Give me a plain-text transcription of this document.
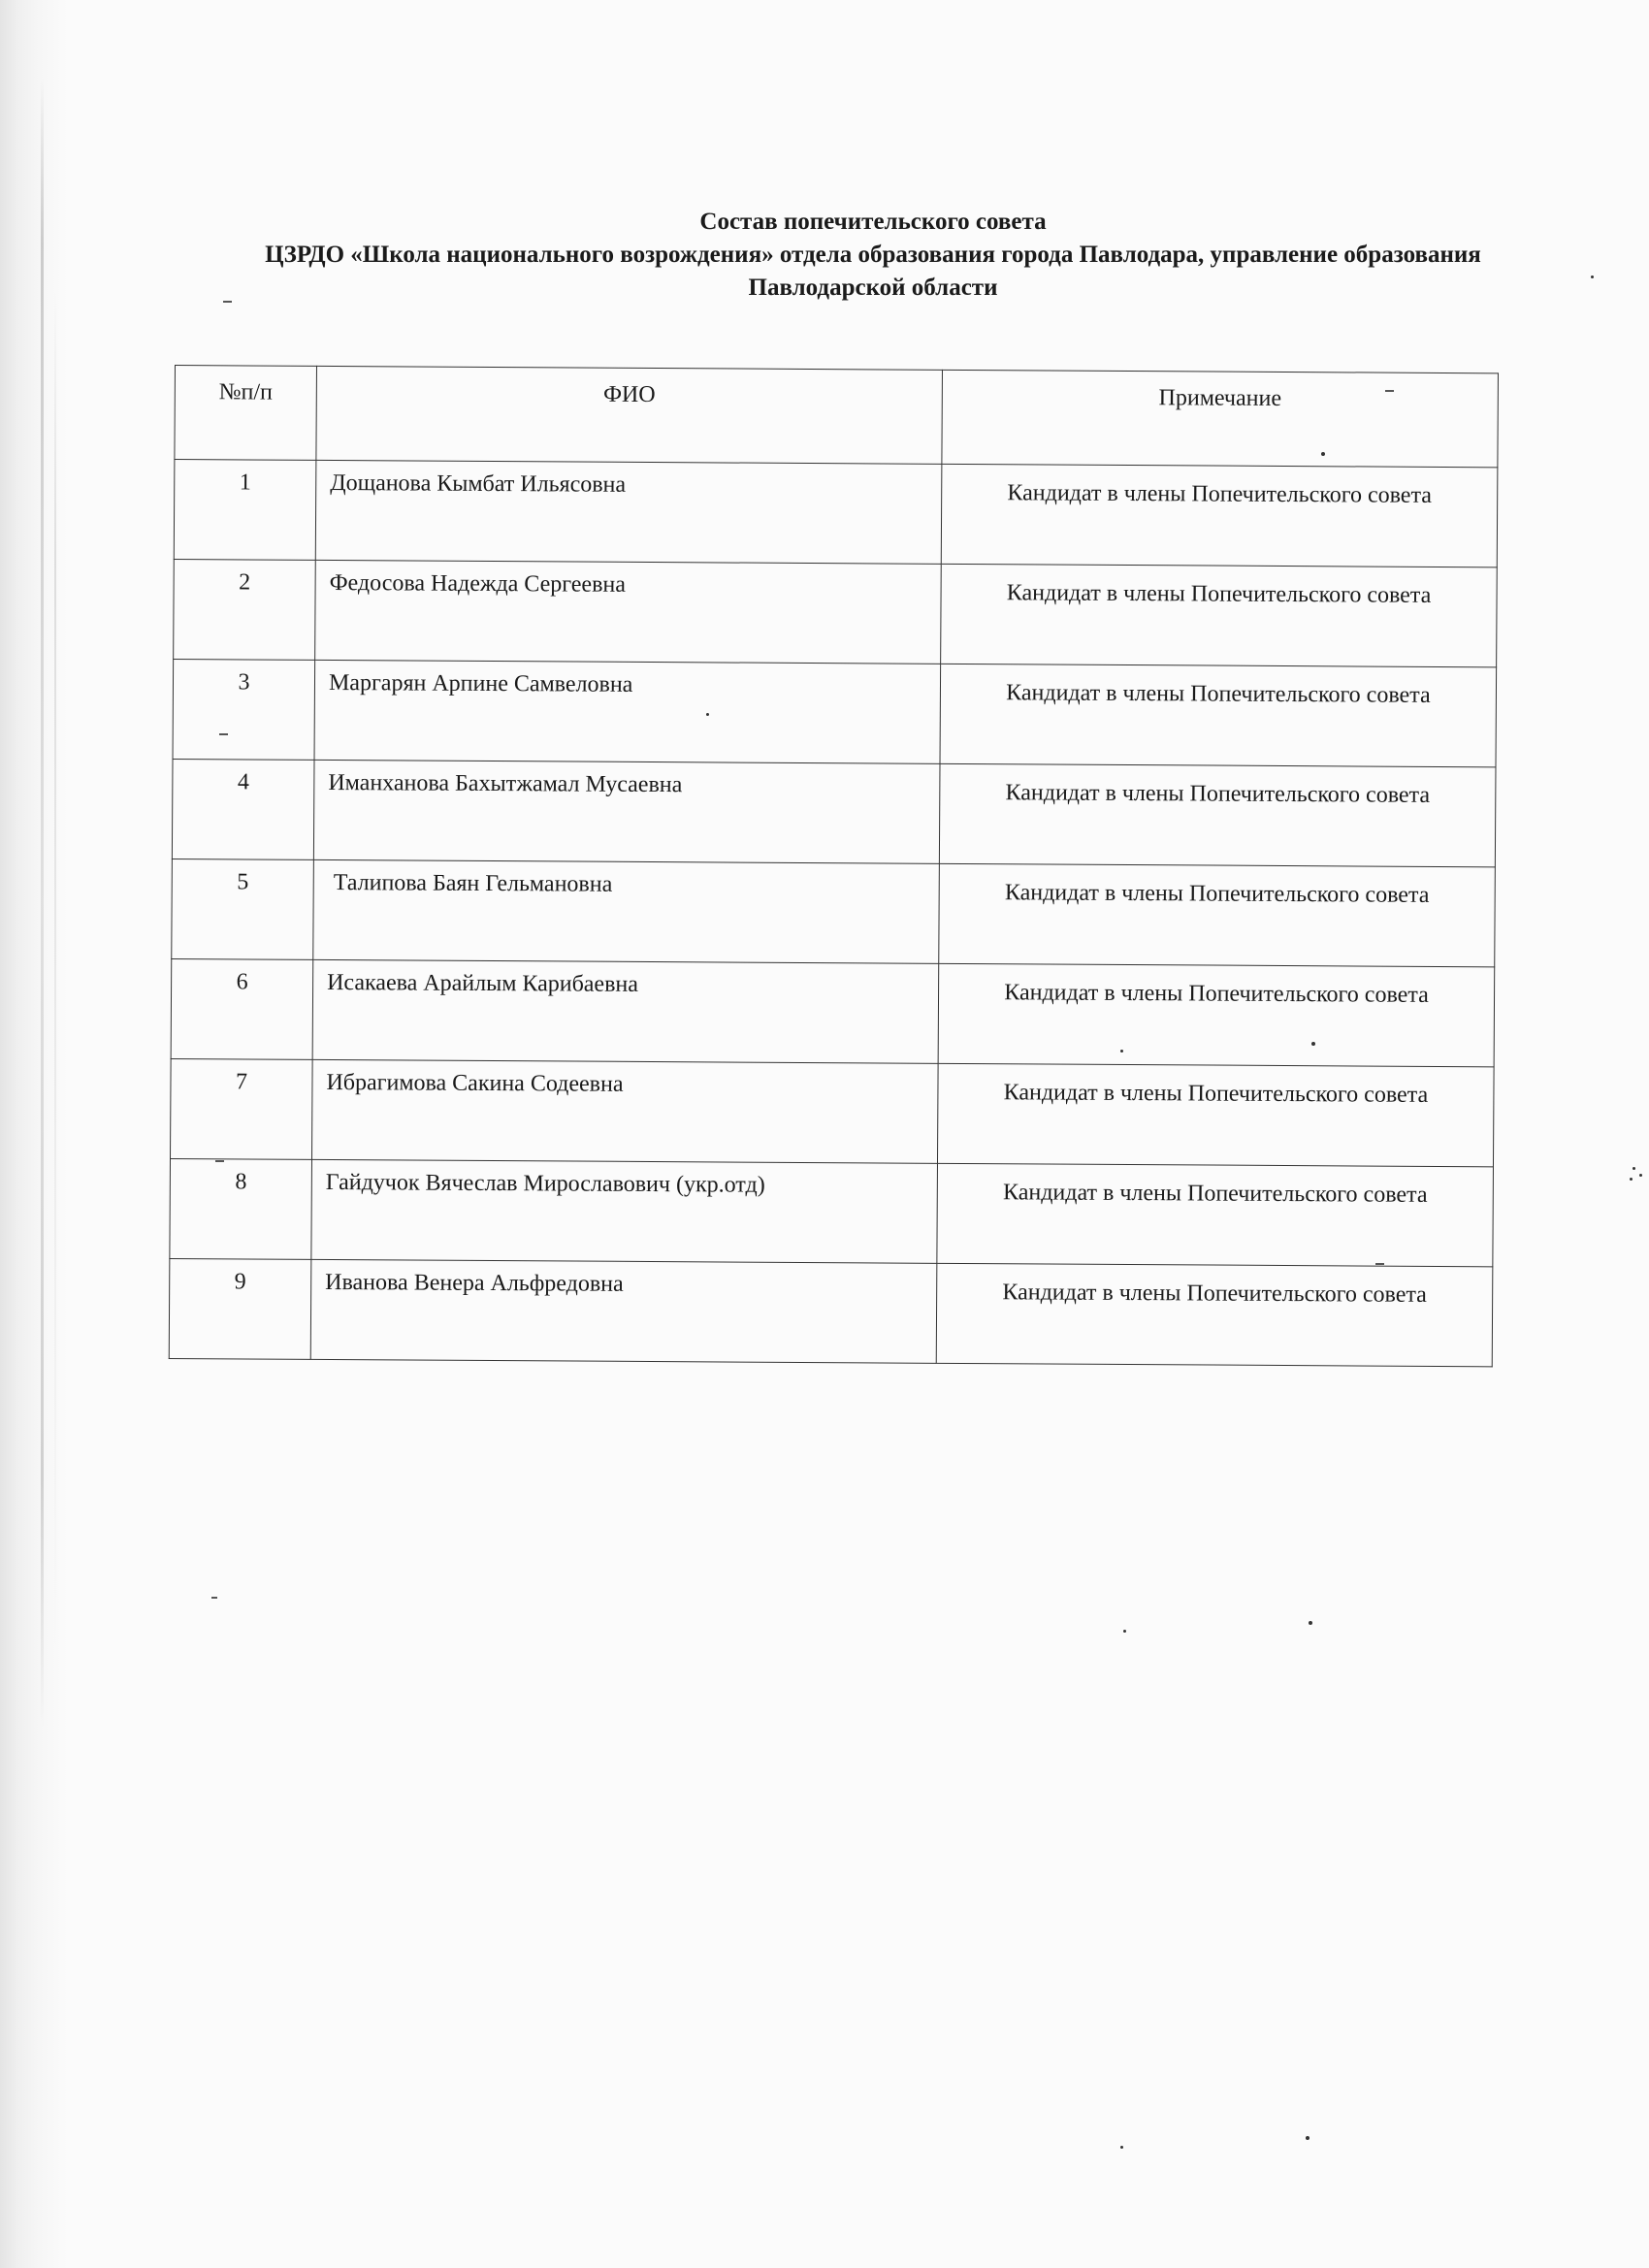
Состав попечительского совета
ЦЗРДО «Школа национального возрождения» отдела образования города Павлодара, управление образования
Павлодарской области
№п/п	ФИО	Примечание
1	Дощанова Кымбат Ильясовна	Кандидат в члены Попечительского совета
2	Федосова Надежда Сергеевна	Кандидат в члены Попечительского совета
3	Маргарян Арпине Самвеловна	Кандидат в члены Попечительского совета
4	Иманханова Бахытжамал Мусаевна	Кандидат в члены Попечительского совета
5	Талипова Баян Гельмановна	Кандидат в члены Попечительского совета
6	Исакаева Арайлым Карибаевна	Кандидат в члены Попечительского совета
7	Ибрагимова Сакина Содеевна	Кандидат в члены Попечительского совета
8	Гайдучок Вячеслав Мирославович (укр.отд)	Кандидат в члены Попечительского совета
9	Иванова Венера Альфредовна	Кандидат в члены Попечительского совета
